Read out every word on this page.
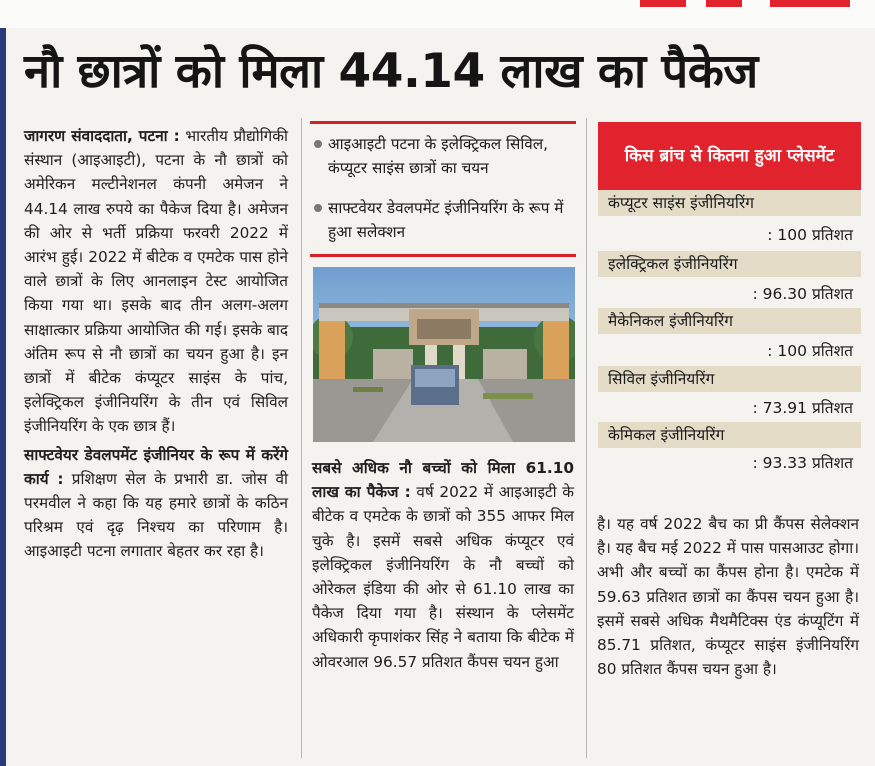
नौ छात्रों को मिला 44.14 लाख का पैकेज

जागरण संवाददाता, पटना : भारतीय प्रौद्योगिकी संस्थान (आइआइटी), पटना के नौ छात्रों को अमेरिकन मल्टीनेशनल कंपनी अमेजन ने 44.14 लाख रुपये का पैकेज दिया है। अमेजन की ओर से भर्ती प्रक्रिया फरवरी 2022 में आरंभ हुई। 2022 में बीटेक व एमटेक पास होने वाले छात्रों के लिए आनलाइन टेस्ट आयोजित किया गया था। इसके बाद तीन अलग-अलग साक्षात्कार प्रक्रिया आयोजित की गई। इसके बाद अंतिम रूप से नौ छात्रों का चयन हुआ है। इन छात्रों में बीटेक कंप्यूटर साइंस के पांच, इलेक्ट्रिकल इंजीनियरिंग के तीन एवं सिविल इंजीनियरिंग के एक छात्र हैं।

साफ्टवेयर डेवलपमेंट इंजीनियर के रूप में करेंगे कार्य : प्रशिक्षण सेल के प्रभारी डा. जोस वी परमवील ने कहा कि यह हमारे छात्रों के कठिन परिश्रम एवं दृढ़ निश्चय का परिणाम है। आइआइटी पटना लगातार बेहतर कर रहा है।

आइआइटी पटना के इलेक्ट्रिकल सिविल, कंप्यूटर साइंस छात्रों का चयन
साफ्टवेयर डेवलपमेंट इंजीनियरिंग के रूप में हुआ सलेक्शन

सबसे अधिक नौ बच्चों को मिला 61.10 लाख का पैकेज : वर्ष 2022 में आइआइटी के बीटेक व एमटेक के छात्रों को 355 आफर मिल चुके है। इसमें सबसे अधिक कंप्यूटर एवं इलेक्ट्रिकल इंजीनियरिंग के नौ बच्चों को ओरेकल इंडिया की ओर से 61.10 लाख का पैकेज दिया गया है। संस्थान के प्लेसमेंट अधिकारी कृपाशंकर सिंह ने बताया कि बीटेक में ओवरआल 96.57 प्रतिशत कैंपस चयन हुआ

किस ब्रांच से कितना हुआ प्लेसमेंट
कंप्यूटर साइंस इंजीनियरिंग
: 100 प्रतिशत
इलेक्ट्रिकल इंजीनियरिंग
: 96.30 प्रतिशत
मैकेनिकल इंजीनियरिंग
: 100 प्रतिशत
सिविल इंजीनियरिंग
: 73.91 प्रतिशत
केमिकल इंजीनियरिंग
: 93.33 प्रतिशत

है। यह वर्ष 2022 बैच का प्री कैंपस सेलेक्शन है। यह बैच मई 2022 में पास पासआउट होगा। अभी और बच्चों का कैंपस होना है। एमटेक में 59.63 प्रतिशत छात्रों का कैंपस चयन हुआ है। इसमें सबसे अधिक मैथमैटिक्स एंड कंप्यूटिंग में 85.71 प्रतिशत, कंप्यूटर साइंस इंजीनियरिंग 80 प्रतिशत कैंपस चयन हुआ है।
